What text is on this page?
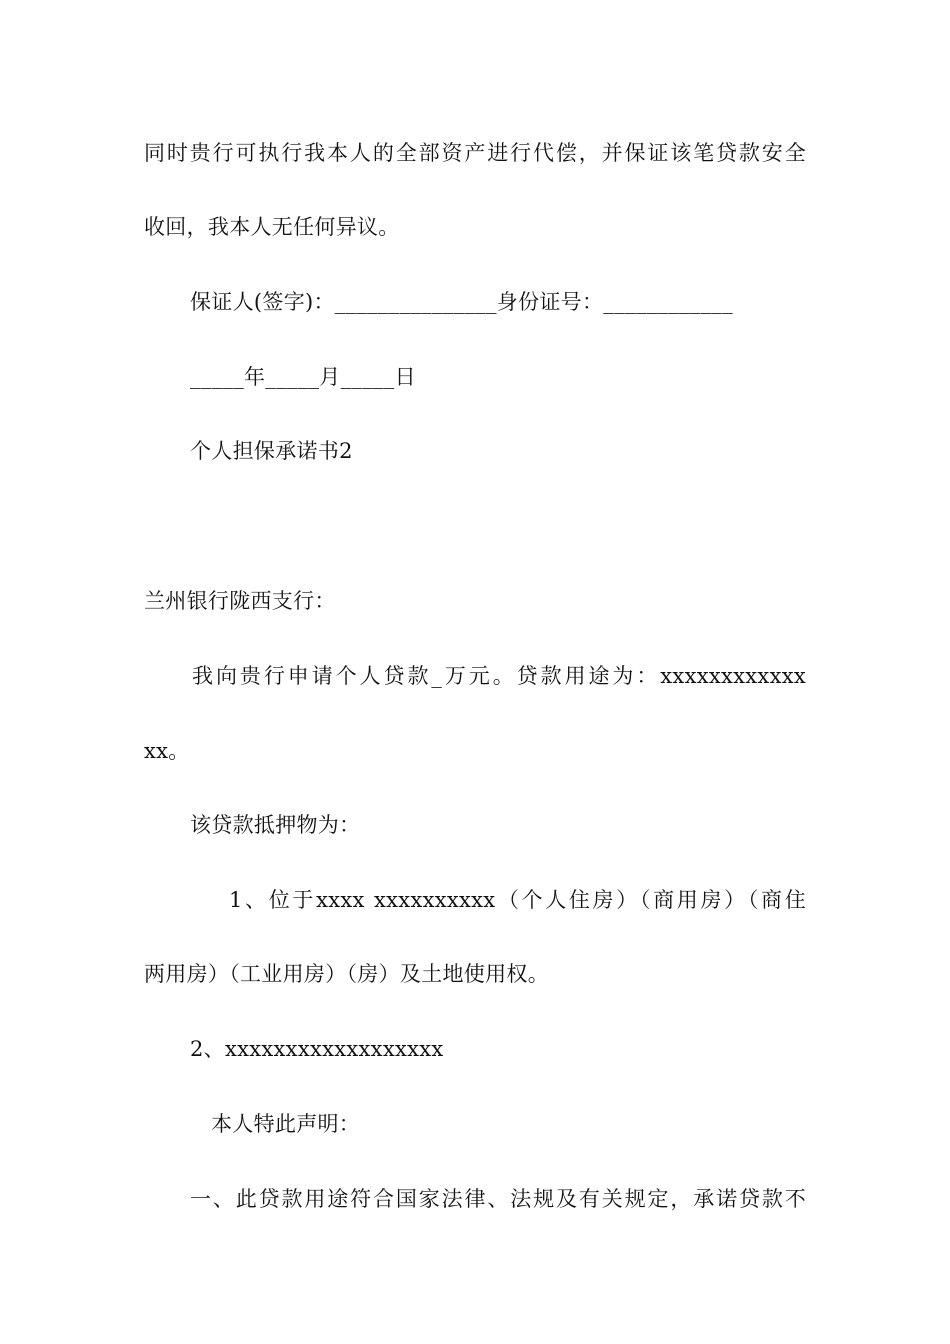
同时贵行可执行我本人的全部资产进行代偿，并保证该笔贷款安全
收回，我本人无任何异议。
保证人(签字)：_______________身份证号：____________
_____年_____月_____日
个人担保承诺书2
兰州银行陇西支行：
我向贵行申请个人贷款_万元。贷款用途为：xxxxxxxxxxxx
xx。
该贷款抵押物为：
1、位于xxxx xxxxxxxxxx（个人住房）（商用房）（商住
两用房）（工业用房）（房）及土地使用权。
2、xxxxxxxxxxxxxxxxxx
本人特此声明：
一、此贷款用途符合国家法律、法规及有关规定，承诺贷款不
